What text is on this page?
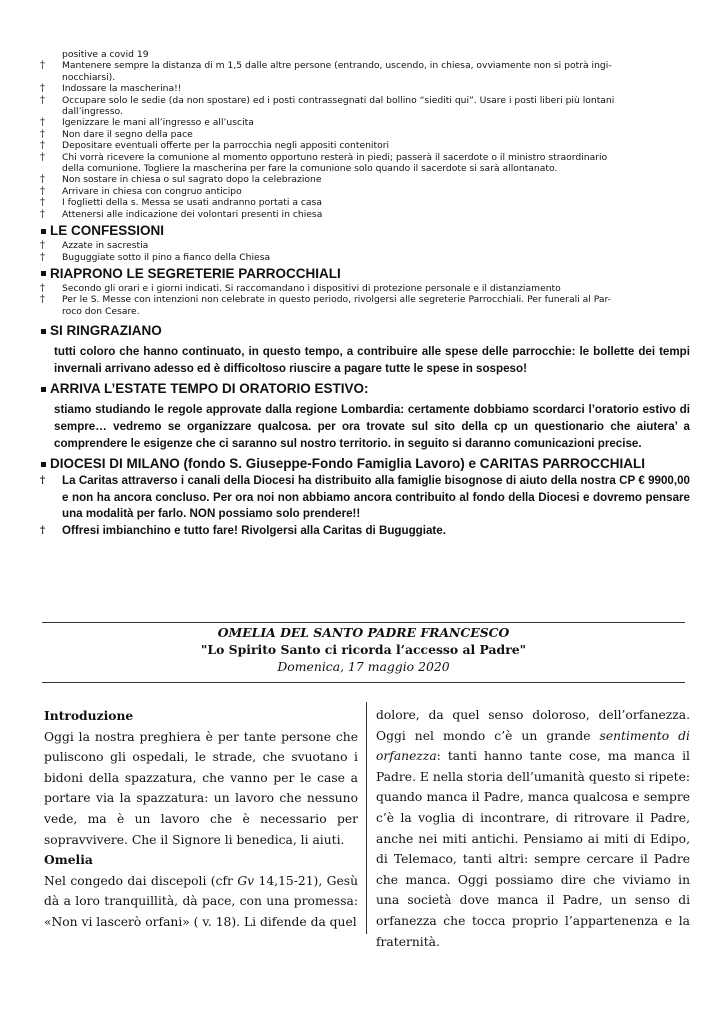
positive a covid 19
†	Mantenere sempre la distanza di m 1,5 dalle altre persone (entrando, uscendo, in chiesa, ovviamente non si potrà ingi-
nocchiarsi).
†	Indossare la mascherina!!
†	Occupare solo le sedie (da non spostare) ed i posti contrassegnati dal bollino “siediti qui”. Usare i posti liberi più lontani
dall’ingresso.
†	Igenizzare le mani all’ingresso e all’uscita
†	Non dare il segno della pace
†	Depositare eventuali offerte per la parrocchia negli appositi contenitori
†	Chi vorrà ricevere la comunione al momento opportuno resterà in piedi; passerà il sacerdote o il ministro straordinario
della comunione. Togliere la mascherina per fare la comunione solo quando il sacerdote si sarà allontanato.
†	Non sostare in chiesa o sul sagrato dopo la celebrazione
†	Arrivare in chiesa con congruo anticipo
†	I foglietti della s. Messa se usati andranno portati a casa
†	Attenersi alle indicazione dei volontari presenti in chiesa
LE CONFESSIONI
†	Azzate in sacrestia
†	Buguggiate sotto il pino a fianco della Chiesa
RIAPRONO LE SEGRETERIE PARROCCHIALI
†	Secondo gli orari e i giorni indicati. Si raccomandano i dispositivi di protezione personale e il distanziamento
†	Per le S. Messe con intenzioni non celebrate in questo periodo, rivolgersi alle segreterie Parrocchiali. Per funerali al Par-
roco don Cesare.
SI RINGRAZIANO
tutti coloro che hanno continuato, in questo tempo, a contribuire alle spese delle parrocchie: le bollette dei tempi invernali arrivano adesso ed è difficoltoso riuscire a pagare tutte le spese in sospeso!
ARRIVA L’ESTATE TEMPO DI ORATORIO ESTIVO:
stiamo studiando le regole approvate dalla regione Lombardia: certamente dobbiamo scordarci l’oratorio estivo di sempre… vedremo se organizzare qualcosa. per ora trovate sul sito della cp un questionario che aiutera’ a comprendere le esigenze che ci saranno sul nostro territorio. in seguito si daranno comunicazioni precise.
DIOCESI DI MILANO (fondo S. Giuseppe-Fondo Famiglia Lavoro) e CARITAS PARROCCHIALI
†	La Caritas attraverso i canali della Diocesi ha distribuito alla famiglie bisognose di aiuto della nostra CP € 9900,00 e non ha ancora concluso. Per ora noi non abbiamo ancora contribuito al fondo della Diocesi e dovremo pensare una modalità per farlo. NON possiamo solo prendere!!
†	Offresi imbianchino e tutto fare! Rivolgersi alla Caritas di Buguggiate.
OMELIA DEL SANTO PADRE FRANCESCO
"Lo Spirito Santo ci ricorda l’accesso al Padre"
Domenica, 17 maggio 2020
Introduzione

Oggi la nostra preghiera è per tante persone che puliscono gli ospedali, le strade, che svuotano i bidoni della spazzatura, che vanno per le case a portare via la spazzatura: un lavoro che nessuno vede, ma è un lavoro che è necessario per sopravvivere. Che il Signore li benedica, li aiuti.

Omelia

Nel congedo dai discepoli (cfr Gv 14,15-21), Gesù dà a loro tranquillità, dà pace, con una promessa: «Non vi lascerò orfani» ( v. 18). Li difende da quel

dolore, da quel senso doloroso, dell’orfanezza. Oggi nel mondo c’è un grande sentimento di orfanezza: tanti hanno tante cose, ma manca il Padre. E nella storia dell’umanità questo si ripete: quando manca il Padre, manca qualcosa e sempre c’è la voglia di incontrare, di ritrovare il Padre, anche nei miti antichi. Pensiamo ai miti di Edipo, di Telemaco, tanti altri: sempre cercare il Padre che manca. Oggi possiamo dire che viviamo in una società dove manca il Padre, un senso di orfanezza che tocca proprio l’appartenenza e la fraternità.
